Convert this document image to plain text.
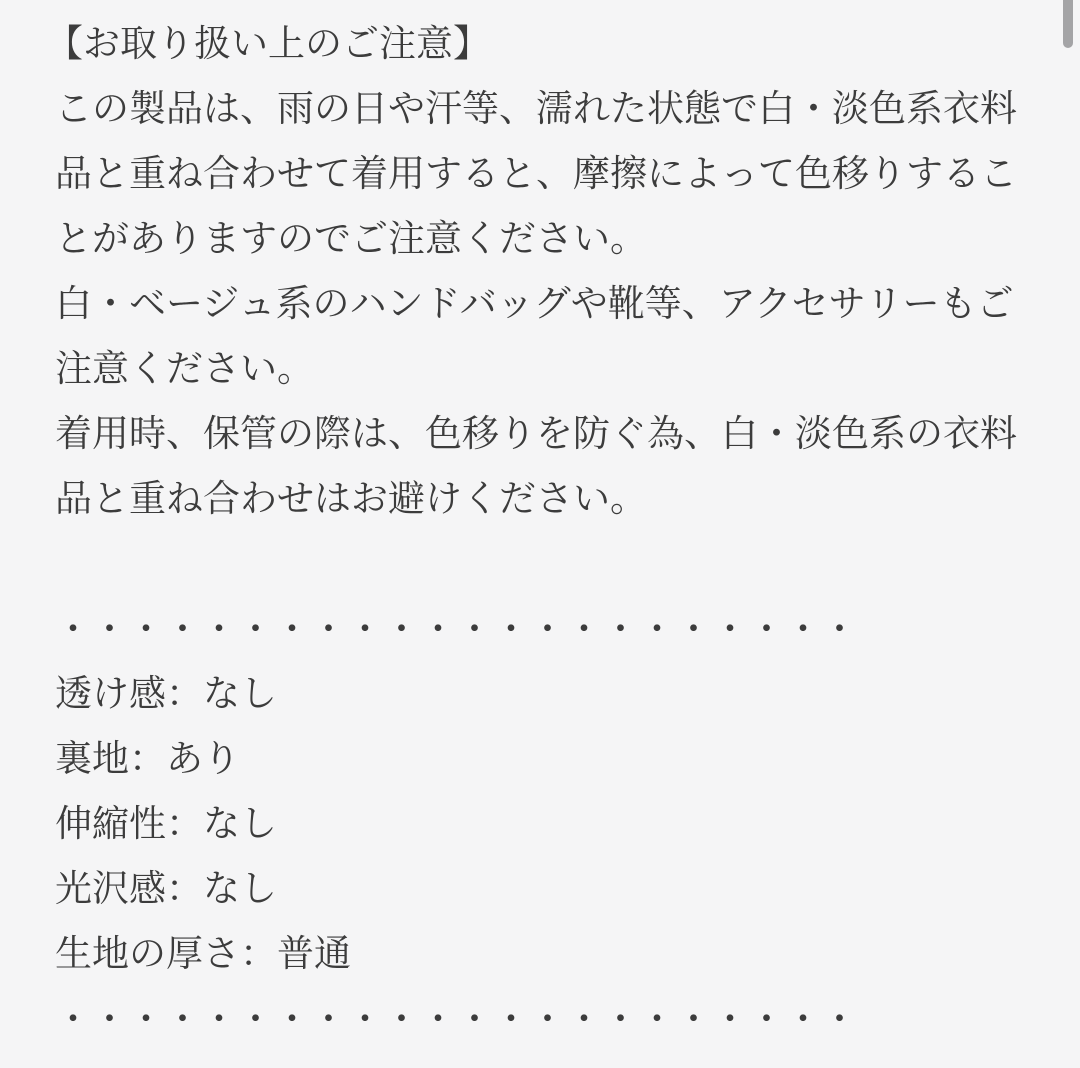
【お取り扱い上のご注意】
この製品は、雨の日や汗等、濡れた状態で白・淡色系衣料
品と重ね合わせて着用すると、摩擦によって色移りするこ
とがありますのでご注意ください。
白・ベージュ系のハンドバッグや靴等、アクセサリーもご
注意ください。
着用時、保管の際は、色移りを防ぐ為、白・淡色系の衣料
品と重ね合わせはお避けください。
・・・・・・・・・・・・・・・・・・・・・・
透け感：なし
裏地：あり
伸縮性：なし
光沢感：なし
生地の厚さ：普通
・・・・・・・・・・・・・・・・・・・・・・
